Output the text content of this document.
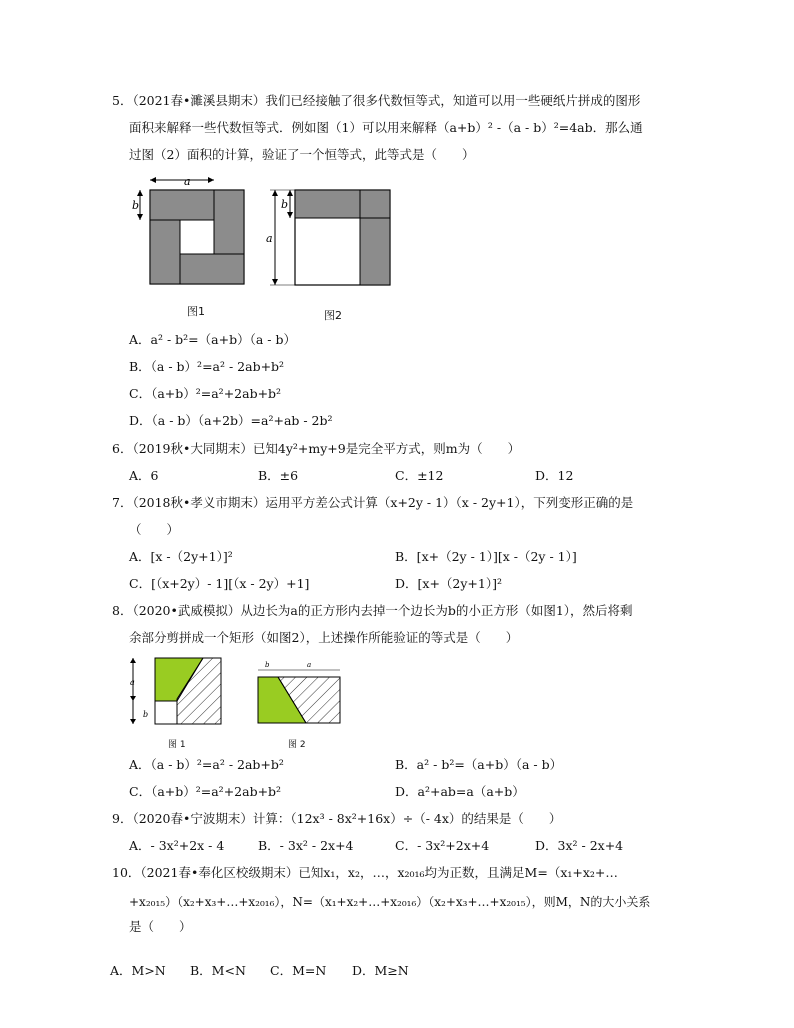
5．（2021春•濉溪县期末）我们已经接触了很多代数恒等式，知道可以用一些硬纸片拼成的图形
面积来解释一些代数恒等式．例如图（1）可以用来解释（a+b）² -（a - b）²=4ab．那么通
过图（2）面积的计算，验证了一个恒等式，此等式是（　　）
a
b
a
b
图1	图2
A．a² - b²=（a+b）（a - b）
B．（a - b）²=a² - 2ab+b²
C．（a+b）²=a²+2ab+b²
D．（a - b）（a+2b）=a²+ab - 2b²
6．（2019秋•大同期末）已知4y²+my+9是完全平方式，则m为（　　）
A．6	B．±6	C．±12	D．12
7．（2018秋•孝义市期末）运用平方差公式计算（x+2y - 1）（x - 2y+1），下列变形正确的是
（　　）
A．[x -（2y+1）]²	B．[x+（2y - 1）][x -（2y - 1）]
C．[（x+2y）- 1][（x - 2y）+1]	D．[x+（2y+1）]²
8．（2020•武威模拟）从边长为a的正方形内去掉一个边长为b的小正方形（如图1），然后将剩
余部分剪拼成一个矩形（如图2），上述操作所能验证的等式是（　　）
a
b
b	a
图 1	图 2
A．（a - b）²=a² - 2ab+b²	B．a² - b²=（a+b）（a - b）
C．（a+b）²=a²+2ab+b²	D．a²+ab=a（a+b）
9．（2020春•宁波期末）计算：（12x³ - 8x²+16x）÷（- 4x）的结果是（　　）
A．- 3x²+2x - 4	B．- 3x² - 2x+4	C．- 3x²+2x+4	D．3x² - 2x+4
10．（2021春•奉化区校级期末）已知x₁，x₂，…，x₂₀₁₆均为正数，且满足M=（x₁+x₂+…
+x₂₀₁₅）（x₂+x₃+…+x₂₀₁₆），N=（x₁+x₂+…+x₂₀₁₆）（x₂+x₃+…+x₂₀₁₅），则M，N的大小关系
是（　　）
A．M>N B．M<N C．M=N D．M≥N
